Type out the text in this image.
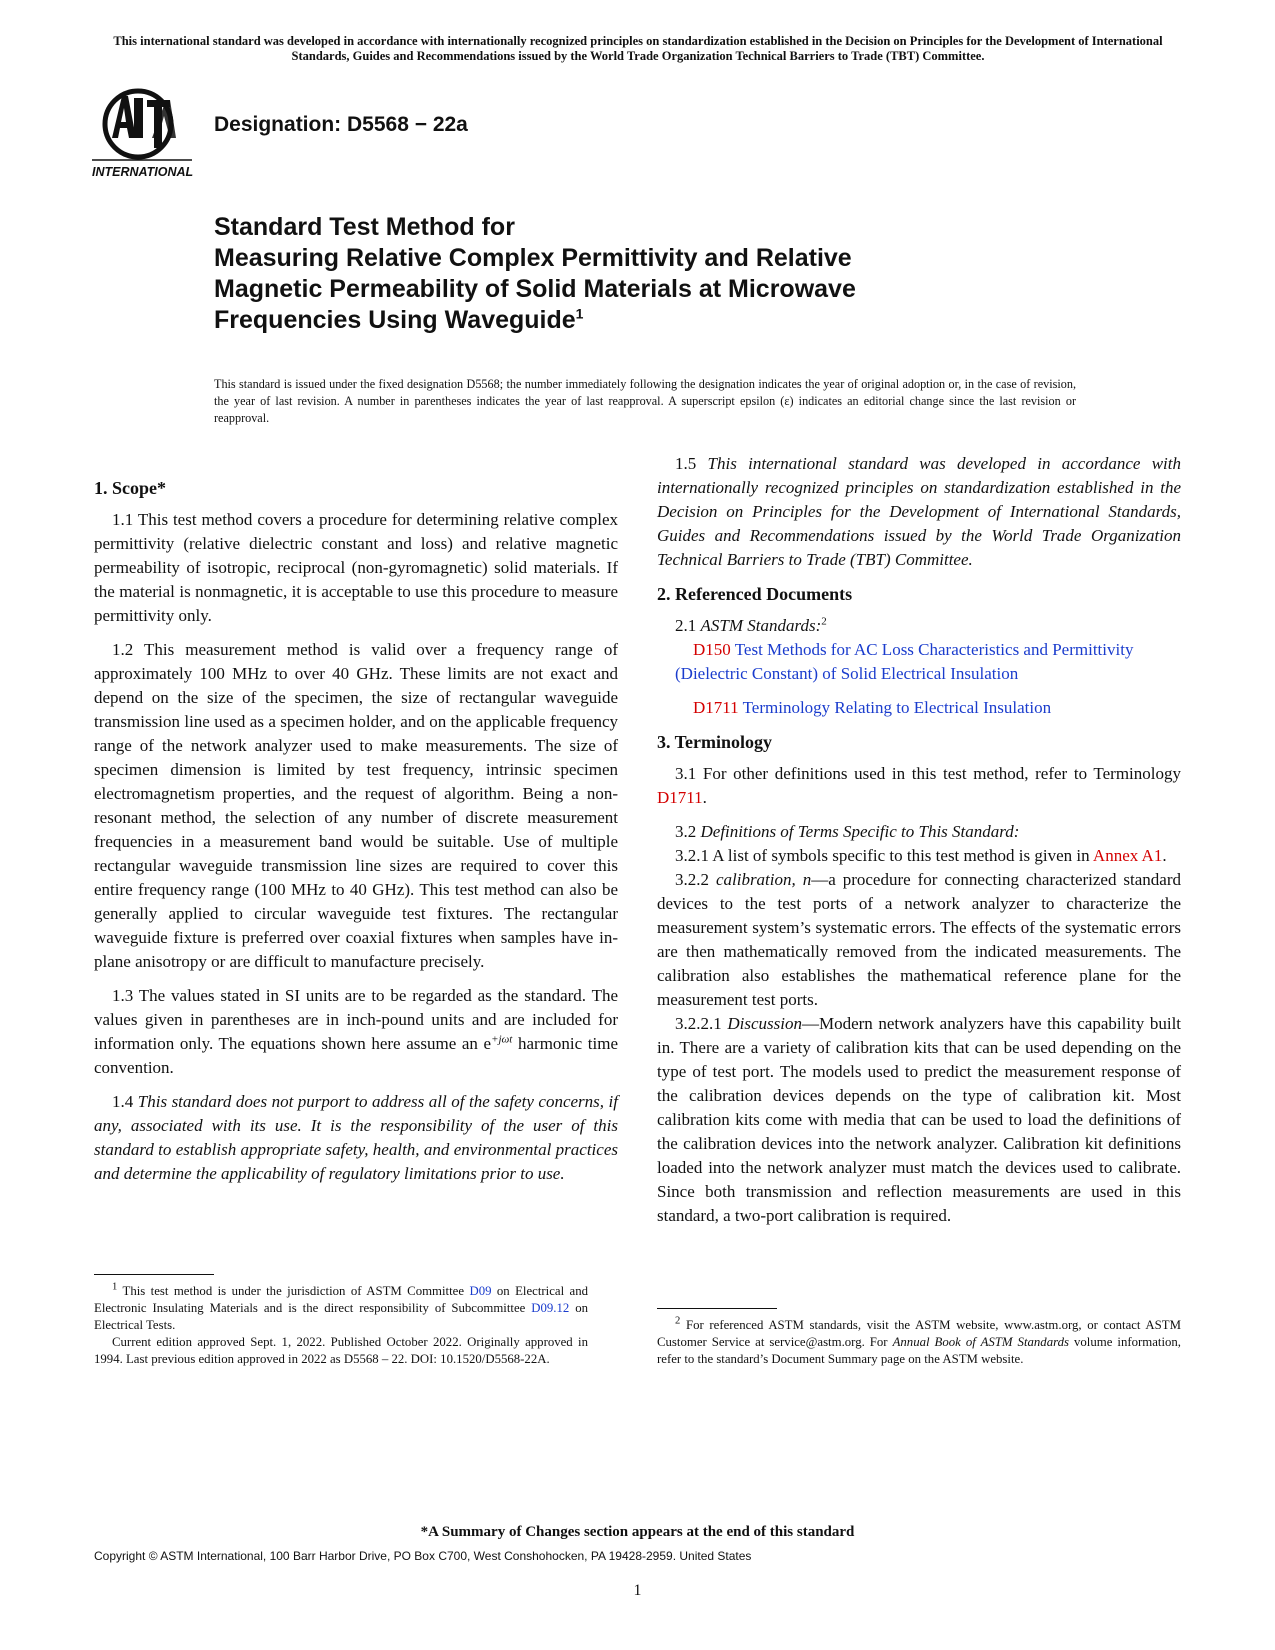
This international standard was developed in accordance with internationally recognized principles on standardization established in the Decision on Principles for the Development of International Standards, Guides and Recommendations issued by the World Trade Organization Technical Barriers to Trade (TBT) Committee.
INTERNATIONAL
Designation: D5568 − 22a
Standard Test Method for
Measuring Relative Complex Permittivity and Relative
Magnetic Permeability of Solid Materials at Microwave
Frequencies Using Waveguide$^1$
This standard is issued under the fixed designation D5568; the number immediately following the designation indicates the year of original adoption or, in the case of revision, the year of last revision. A number in parentheses indicates the year of last reapproval. A superscript epsilon (ε) indicates an editorial change since the last revision or reapproval.
1. Scope*

1.1 This test method covers a procedure for determining relative complex permittivity (relative dielectric constant and loss) and relative magnetic permeability of isotropic, reciprocal (non-gyromagnetic) solid materials. If the material is nonmagnetic, it is acceptable to use this procedure to measure permittivity only.

1.2 This measurement method is valid over a frequency range of approximately 100 MHz to over 40 GHz. These limits are not exact and depend on the size of the specimen, the size of rectangular waveguide transmission line used as a specimen holder, and on the applicable frequency range of the network analyzer used to make measurements. The size of specimen dimension is limited by test frequency, intrinsic specimen electromagnetism properties, and the request of algorithm. Being a non-resonant method, the selection of any number of discrete measurement frequencies in a measurement band would be suitable. Use of multiple rectangular waveguide transmission line sizes are required to cover this entire frequency range (100 MHz to 40 GHz). This test method can also be generally applied to circular waveguide test fixtures. The rectangular waveguide fixture is preferred over coaxial fixtures when samples have in-plane anisotropy or are difficult to manufacture precisely.

1.3 The values stated in SI units are to be regarded as the standard. The values given in parentheses are in inch-pound units and are included for information only. The equations shown here assume an $e^{+j\omega t}$ harmonic time convention.

1.4 This standard does not purport to address all of the safety concerns, if any, associated with its use. It is the responsibility of the user of this standard to establish appropriate safety, health, and environmental practices and determine the applicability of regulatory limitations prior to use.

$^1$ This test method is under the jurisdiction of ASTM Committee D09 on Electrical and Electronic Insulating Materials and is the direct responsibility of Subcommittee D09.12 on Electrical Tests.

Current edition approved Sept. 1, 2022. Published October 2022. Originally approved in 1994. Last previous edition approved in 2022 as D5568 – 22. DOI: 10.1520/D5568-22A.

1.5 This international standard was developed in accordance with internationally recognized principles on standardization established in the Decision on Principles for the Development of International Standards, Guides and Recommendations issued by the World Trade Organization Technical Barriers to Trade (TBT) Committee.

2. Referenced Documents

2.1 ASTM Standards:$^2$

D150 Test Methods for AC Loss Characteristics and Permittivity (Dielectric Constant) of Solid Electrical Insulation

D1711 Terminology Relating to Electrical Insulation

3. Terminology

3.1 For other definitions used in this test method, refer to Terminology D1711.

3.2 Definitions of Terms Specific to This Standard:

3.2.1 A list of symbols specific to this test method is given in Annex A1.

3.2.2 calibration, n—a procedure for connecting characterized standard devices to the test ports of a network analyzer to characterize the measurement system’s systematic errors. The effects of the systematic errors are then mathematically removed from the indicated measurements. The calibration also establishes the mathematical reference plane for the measurement test ports.

3.2.2.1 Discussion—Modern network analyzers have this capability built in. There are a variety of calibration kits that can be used depending on the type of test port. The models used to predict the measurement response of the calibration devices depends on the type of calibration kit. Most calibration kits come with media that can be used to load the definitions of the calibration devices into the network analyzer. Calibration kit definitions loaded into the network analyzer must match the devices used to calibrate. Since both transmission and reflection measurements are used in this standard, a two-port calibration is required.

$^2$ For referenced ASTM standards, visit the ASTM website, www.astm.org, or contact ASTM Customer Service at service@astm.org. For Annual Book of ASTM Standards volume information, refer to the standard’s Document Summary page on the ASTM website.

*A Summary of Changes section appears at the end of this standard
Copyright © ASTM International, 100 Barr Harbor Drive, PO Box C700, West Conshohocken, PA 19428-2959. United States
1
